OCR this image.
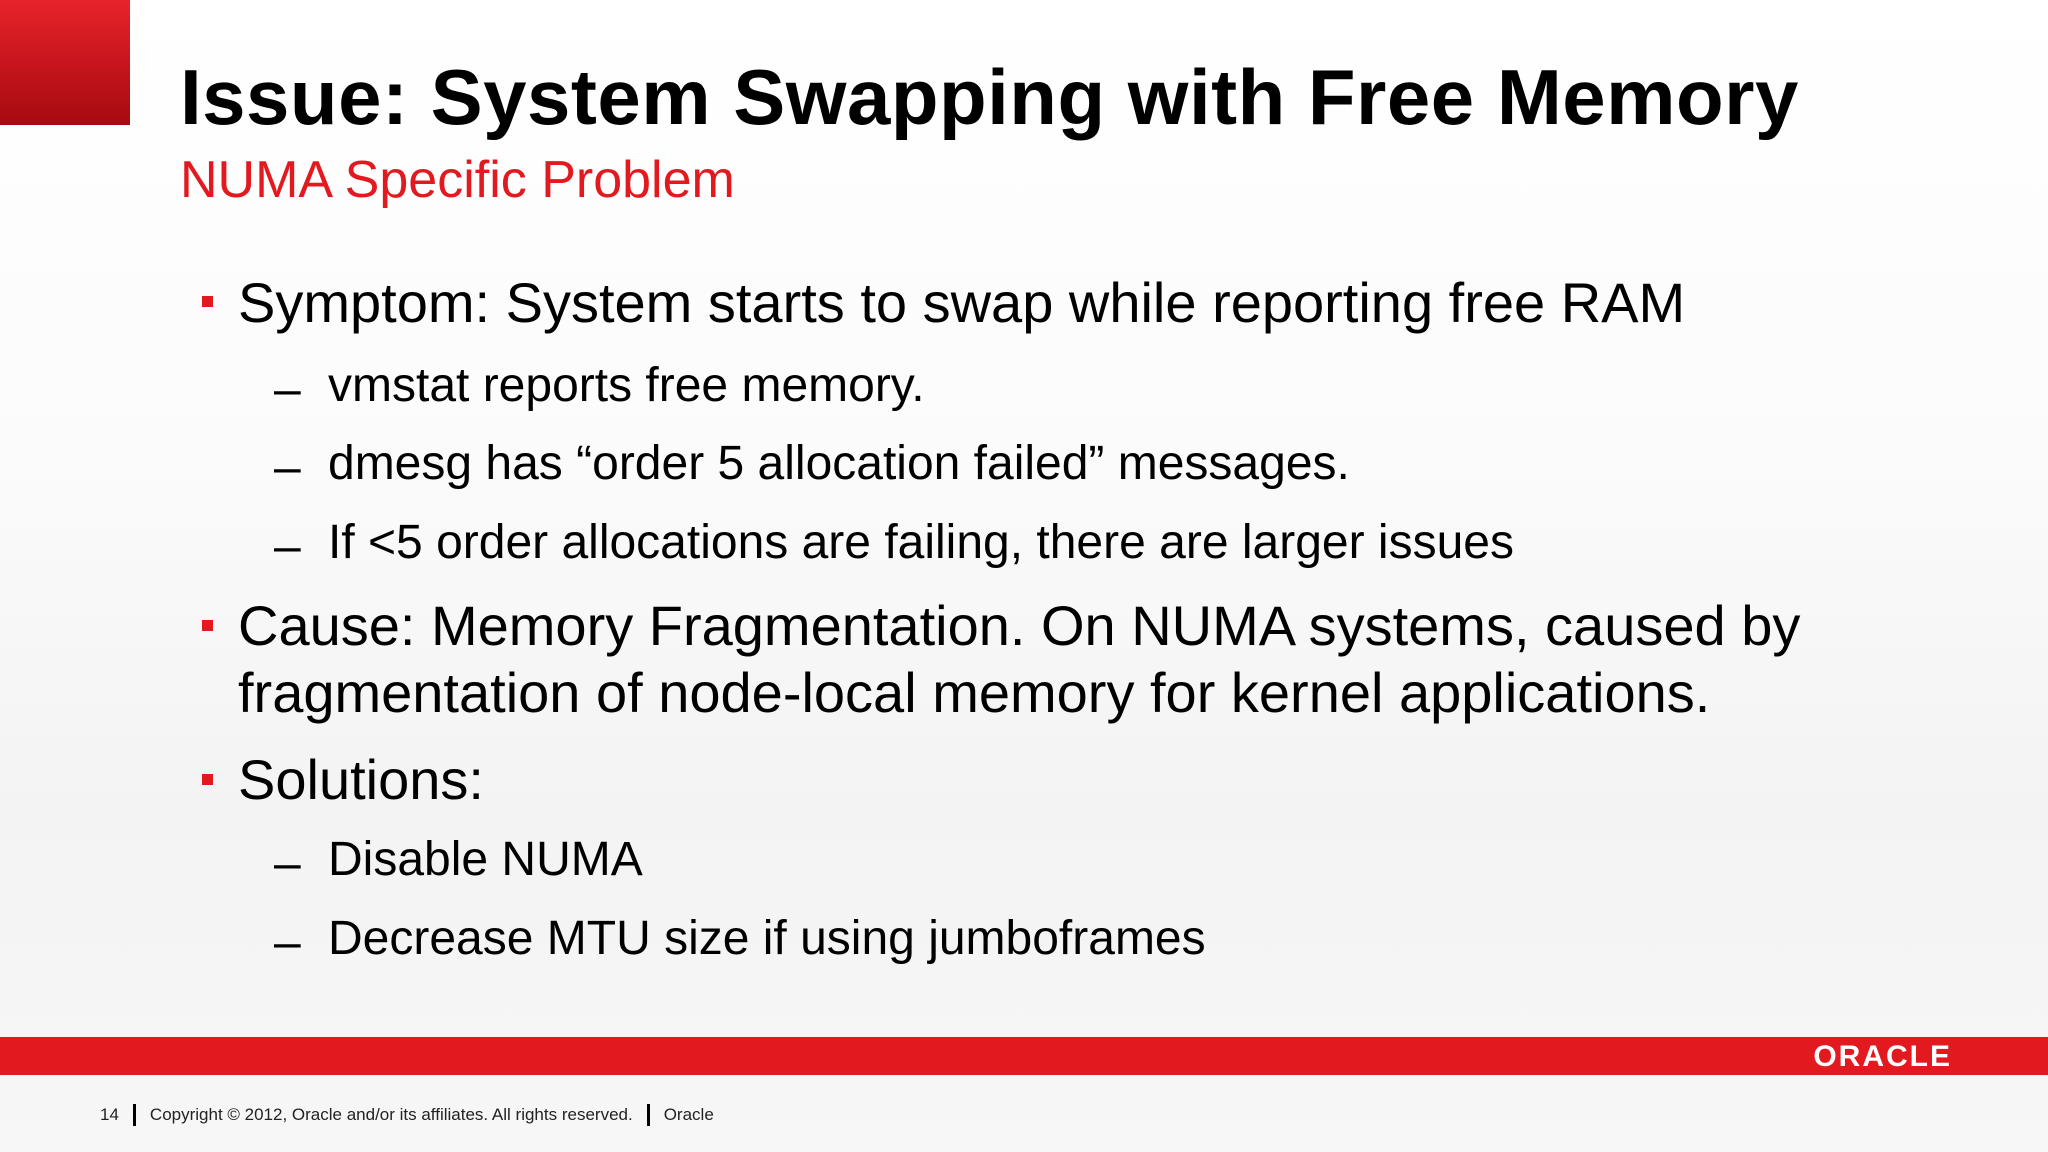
Issue: System Swapping with Free Memory
NUMA Specific Problem
Symptom: System starts to swap while reporting free RAM
– vmstat reports free memory.
– dmesg has “order 5 allocation failed” messages.
– If <5 order allocations are failing, there are larger issues
Cause: Memory Fragmentation. On NUMA systems, caused by
fragmentation of node-local memory for kernel applications.
Solutions:
– Disable NUMA
– Decrease MTU size if using jumboframes
ORACLE
14 Copyright © 2012, Oracle and/or its affiliates. All rights reserved. Oracle
